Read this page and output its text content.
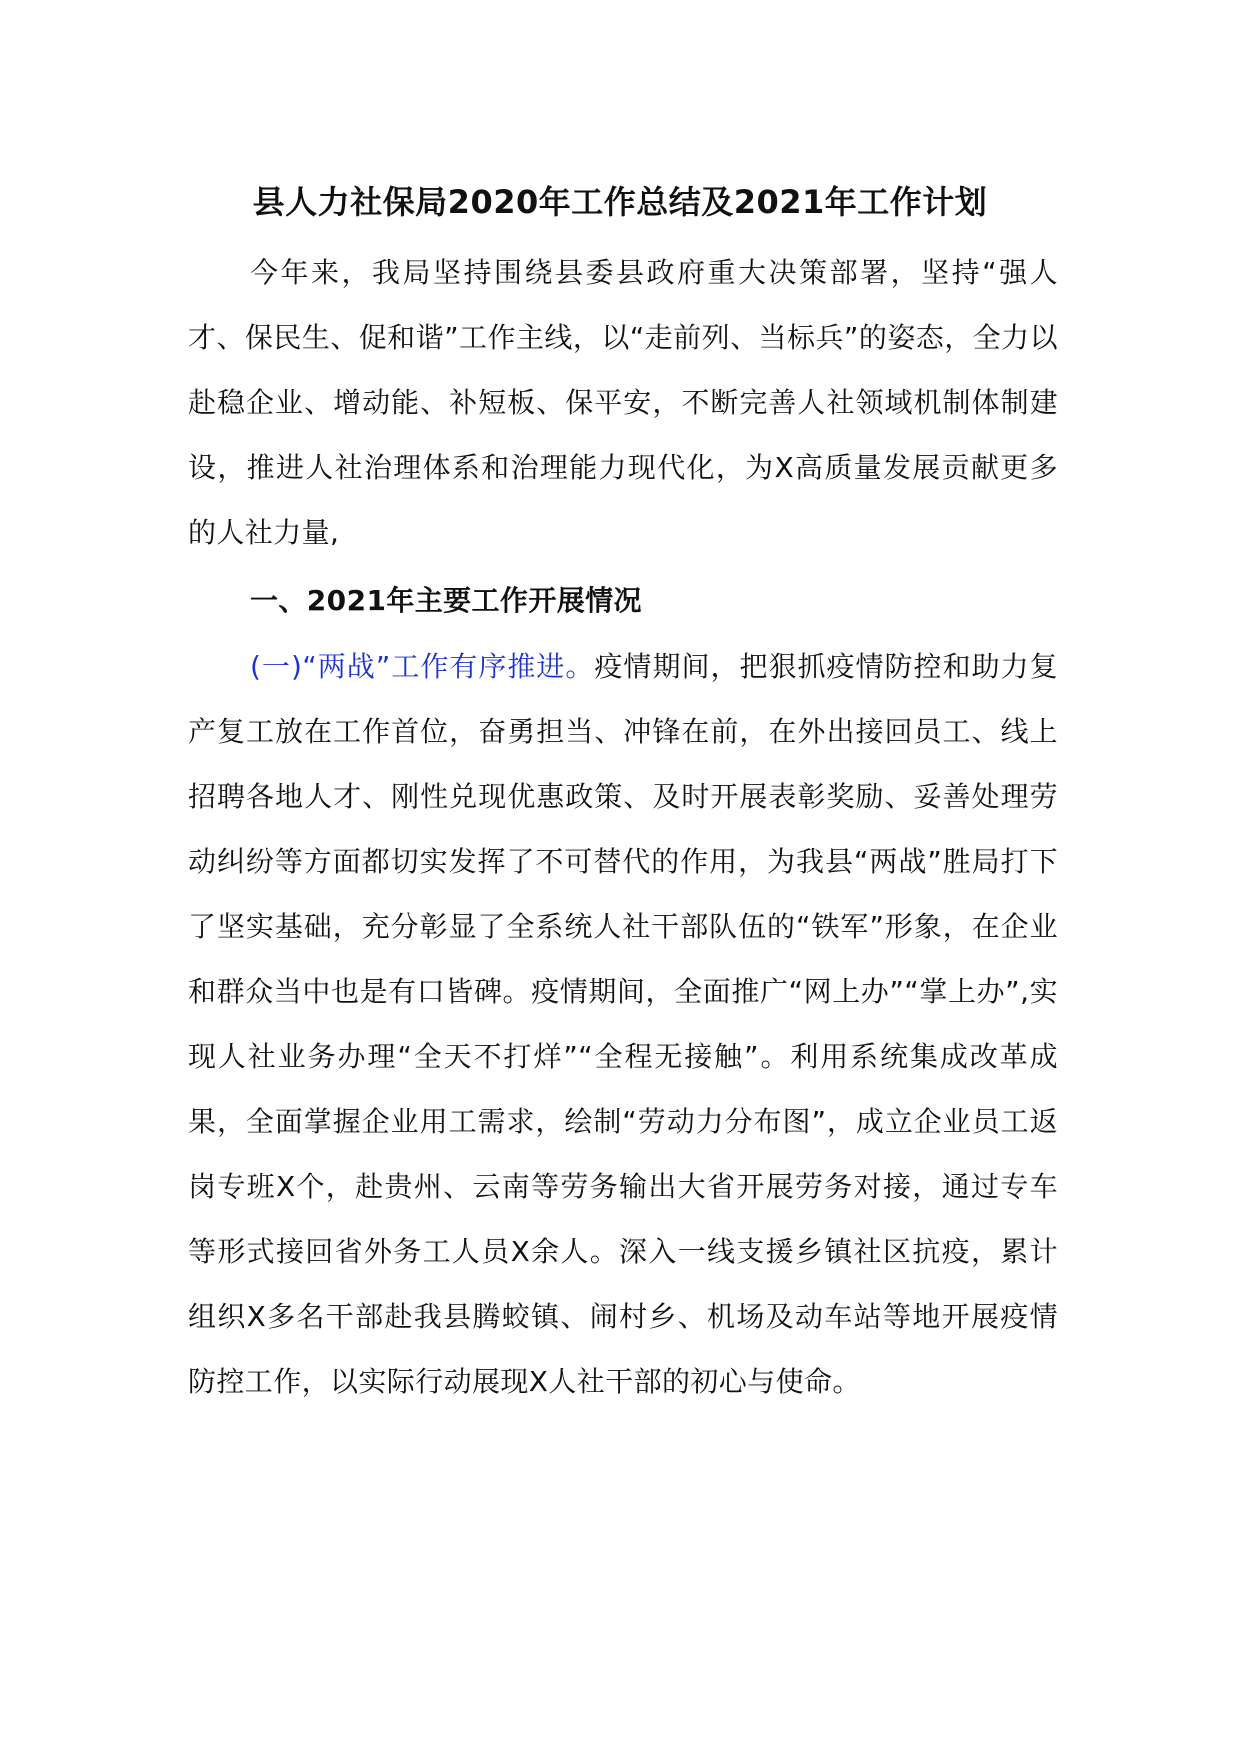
县人力社保局2020年工作总结及2021年工作计划

今年来，我局坚持围绕县委县政府重大决策部署，坚持“强人才、保民生、促和谐”工作主线，以“走前列、当标兵”的姿态，全力以赴稳企业、增动能、补短板、保平安，不断完善人社领域机制体制建设，推进人社治理体系和治理能力现代化，为X高质量发展贡献更多的人社力量,

一、2021年主要工作开展情况

(一)“两战”工作有序推进。疫情期间，把狠抓疫情防控和助力复产复工放在工作首位，奋勇担当、冲锋在前，在外出接回员工、线上招聘各地人才、刚性兑现优惠政策、及时开展表彰奖励、妥善处理劳动纠纷等方面都切实发挥了不可替代的作用，为我县“两战”胜局打下了坚实基础，充分彰显了全系统人社干部队伍的“铁军”形象，在企业和群众当中也是有口皆碑。疫情期间，全面推广“网上办”“掌上办”,实现人社业务办理“全天不打烊”“全程无接触”。利用系统集成改革成果，全面掌握企业用工需求，绘制“劳动力分布图”，成立企业员工返岗专班X个，赴贵州、云南等劳务输出大省开展劳务对接，通过专车等形式接回省外务工人员X余人。深入一线支援乡镇社区抗疫，累计组织X多名干部赴我县腾蛟镇、闹村乡、机场及动车站等地开展疫情防控工作，以实际行动展现X人社干部的初心与使命。
